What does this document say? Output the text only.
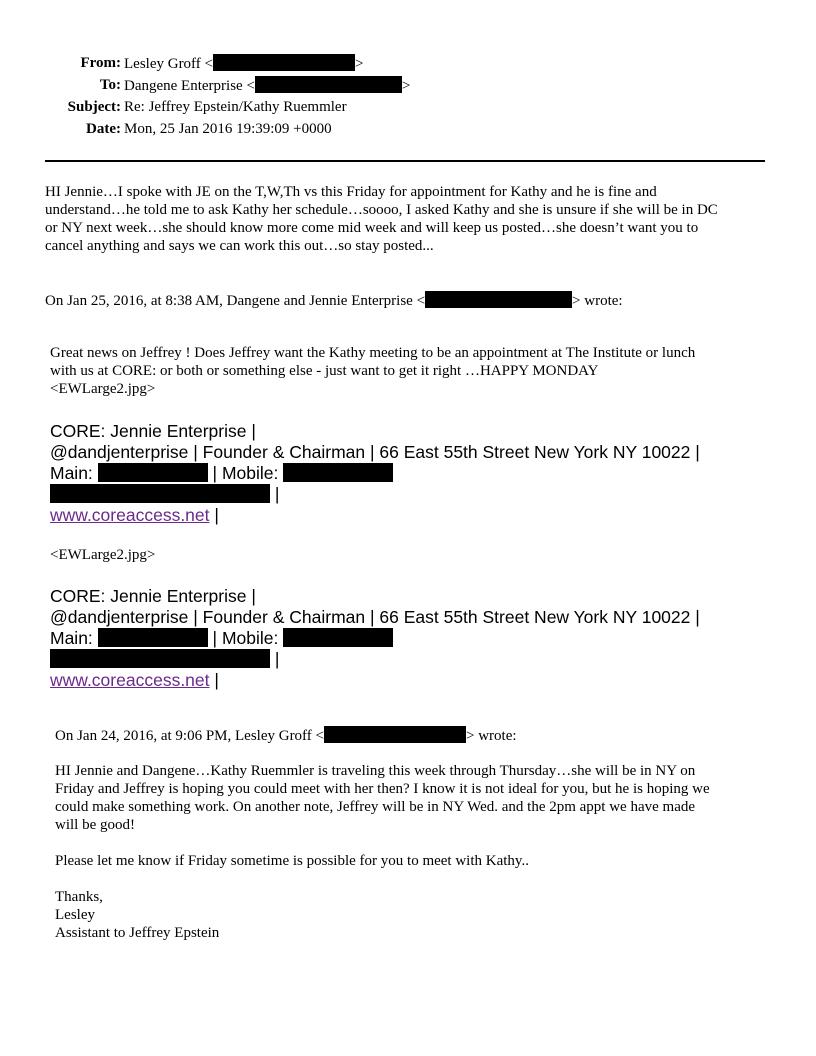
From: Lesley Groff <	>
To: Dangene Enterprise <	>
Subject: Re: Jeffrey Epstein/Kathy Ruemmler
Date: Mon, 25 Jan 2016 19:39:09 +0000
HI Jennie…I spoke with JE on the T,W,Th vs this Friday for appointment for Kathy and he is fine and
understand…he told me to ask Kathy her schedule…soooo, I asked Kathy and she is unsure if she will be in DC
or NY next week…she should know more come mid week and will keep us posted…she doesn’t want you to
cancel anything and says we can work this out…so stay posted...
On Jan 25, 2016, at 8:38 AM, Dangene and Jennie Enterprise <	> wrote:
Great news on Jeffrey ! Does Jeffrey want the Kathy meeting to be an appointment at The Institute or lunch
with us at CORE: or both or something else - just want to get it right …HAPPY MONDAY
<EWLarge2.jpg>
CORE: Jennie Enterprise |
@dandjenterprise | Founder & Chairman | 66 East 55th Street New York NY 10022 |
Main:	| Mobile:
|
www.coreaccess.net |
<EWLarge2.jpg>
CORE: Jennie Enterprise |
@dandjenterprise | Founder & Chairman | 66 East 55th Street New York NY 10022 |
Main:	| Mobile:
|
www.coreaccess.net |
On Jan 24, 2016, at 9:06 PM, Lesley Groff <	> wrote:
HI Jennie and Dangene…Kathy Ruemmler is traveling this week through Thursday…she will be in NY on
Friday and Jeffrey is hoping you could meet with her then? I know it is not ideal for you, but he is hoping we
could make something work. On another note, Jeffrey will be in NY Wed. and the 2pm appt we have made
will be good!
Please let me know if Friday sometime is possible for you to meet with Kathy..
Thanks,
Lesley
Assistant to Jeffrey Epstein
